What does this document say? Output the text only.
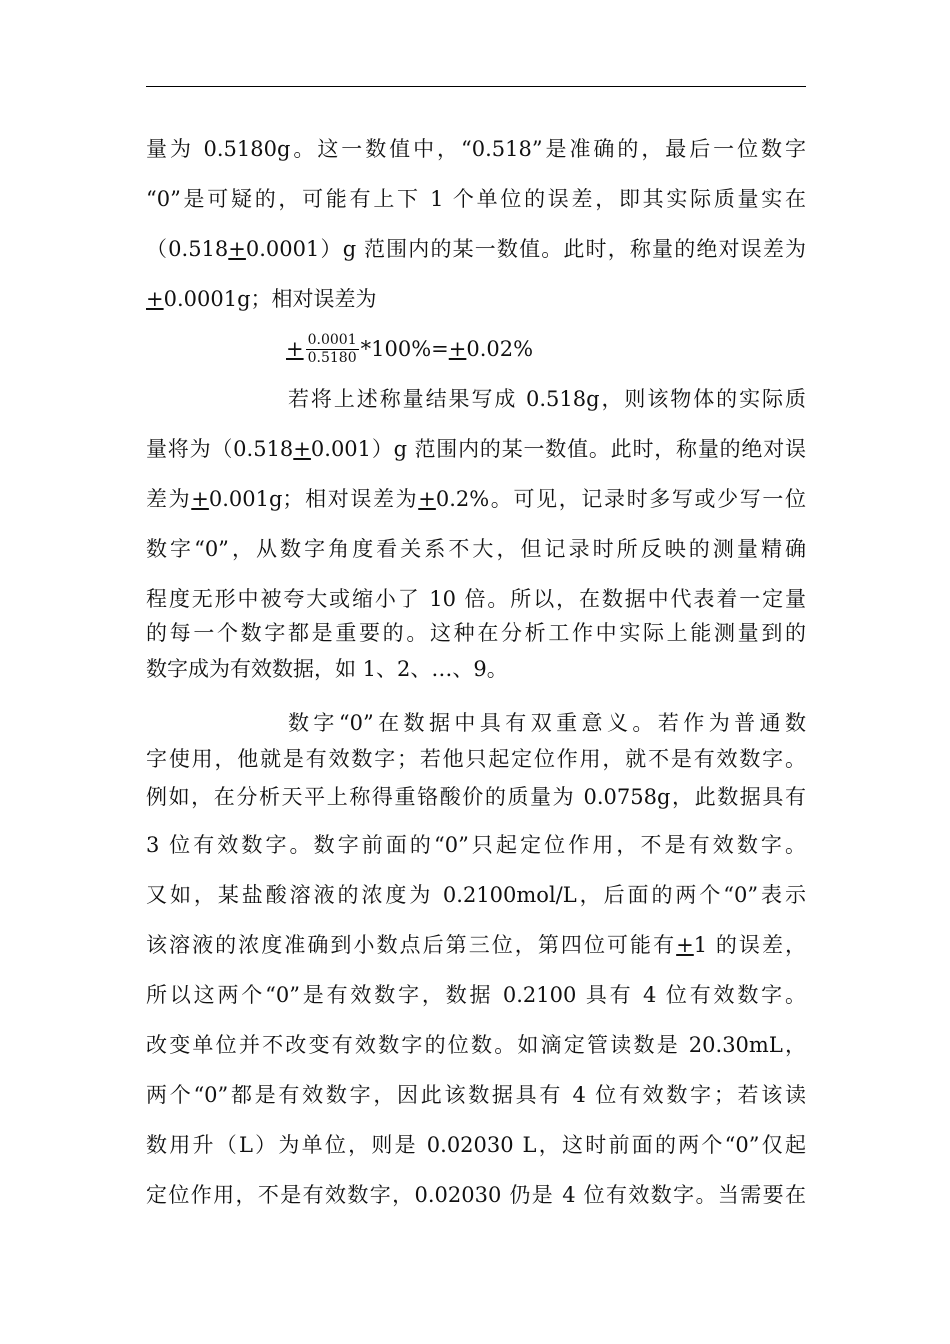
量为 0.5180g。这一数值中，“0.518”是准确的，最后一位数字
“0”是可疑的，可能有上下 1 个单位的误差，即其实际质量实在
（0.518+0.0001）g 范围内的某一数值。此时，称量的绝对误差为
+0.0001g；相对误差为
+ $\frac{0.0001}{0.5180} *100\%= + 0.02\%$
若将上述称量结果写成 0.518g，则该物体的实际质
量将为（0.518+0.001）g 范围内的某一数值。此时，称量的绝对误
差为+0.001g；相对误差为+0.2%。可见，记录时多写或少写一位
数字“0”，从数字角度看关系不大，但记录时所反映的测量精确
程度无形中被夸大或缩小了 10 倍。所以，在数据中代表着一定量
的每一个数字都是重要的。这种在分析工作中实际上能测量到的
数字成为有效数据，如 1、2、…、9。
数字“0”在数据中具有双重意义。若作为普通数
字使用，他就是有效数字；若他只起定位作用，就不是有效数字。
例如，在分析天平上称得重铬酸价的质量为 0.0758g，此数据具有
3 位有效数字。数字前面的“0”只起定位作用，不是有效数字。
又如，某盐酸溶液的浓度为 0.2100mol/L，后面的两个“0”表示
该溶液的浓度准确到小数点后第三位，第四位可能有+1 的误差，
所以这两个“0”是有效数字，数据 0.2100 具有 4 位有效数字。
改变单位并不改变有效数字的位数。如滴定管读数是 20.30mL，
两个“0”都是有效数字，因此该数据具有 4 位有效数字；若该读
数用升（L）为单位，则是 0.02030 L，这时前面的两个“0”仅起
定位作用，不是有效数字，0.02030 仍是 4 位有效数字。当需要在
